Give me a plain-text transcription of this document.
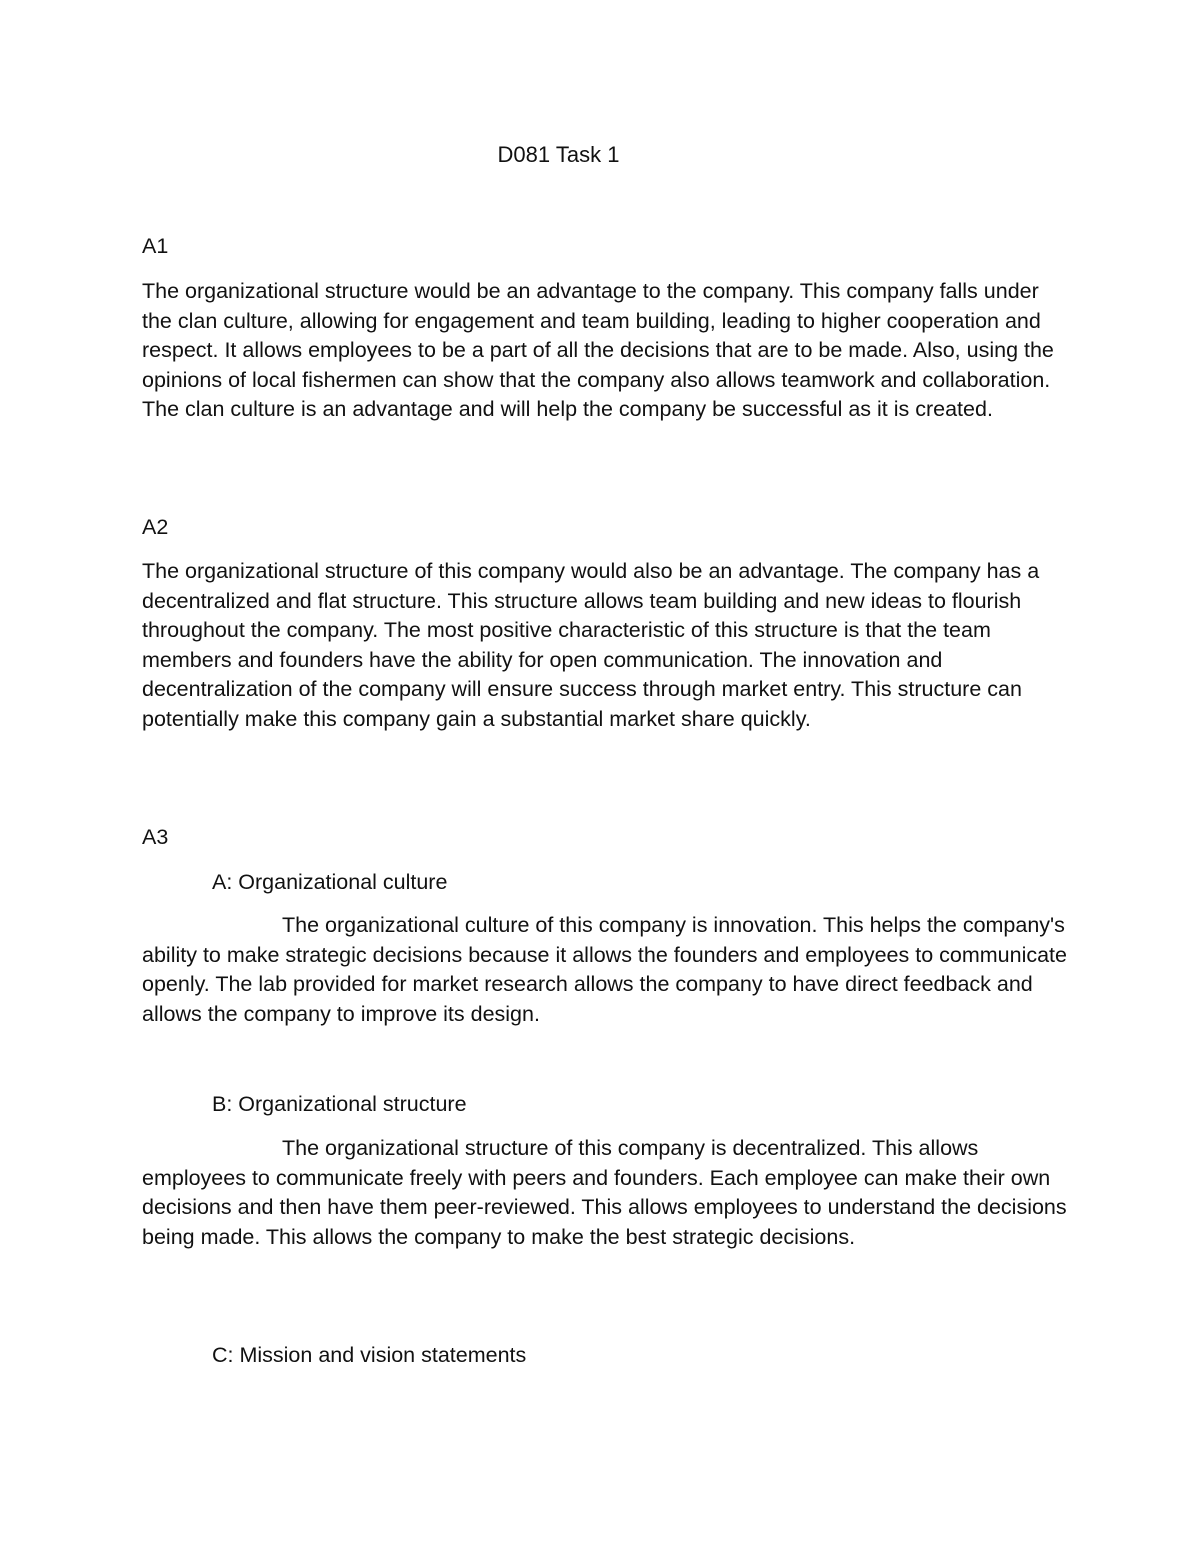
D081 Task 1
A1
The organizational structure would be an advantage to the company. This company falls under the clan culture, allowing for engagement and team building, leading to higher cooperation and respect. It allows employees to be a part of all the decisions that are to be made. Also, using the opinions of local fishermen can show that the company also allows teamwork and collaboration. The clan culture is an advantage and will help the company be successful as it is created.
A2
The organizational structure of this company would also be an advantage. The company has a decentralized and flat structure. This structure allows team building and new ideas to flourish throughout the company. The most positive characteristic of this structure is that the team members and founders have the ability for open communication. The innovation and decentralization of the company will ensure success through market entry. This structure can potentially make this company gain a substantial market share quickly.
A3
A: Organizational culture
The organizational culture of this company is innovation. This helps the company's ability to make strategic decisions because it allows the founders and employees to communicate openly. The lab provided for market research allows the company to have direct feedback and allows the company to improve its design.
B: Organizational structure
The organizational structure of this company is decentralized. This allows employees to communicate freely with peers and founders. Each employee can make their own decisions and then have them peer-reviewed. This allows employees to understand the decisions being made. This allows the company to make the best strategic decisions.
C: Mission and vision statements
